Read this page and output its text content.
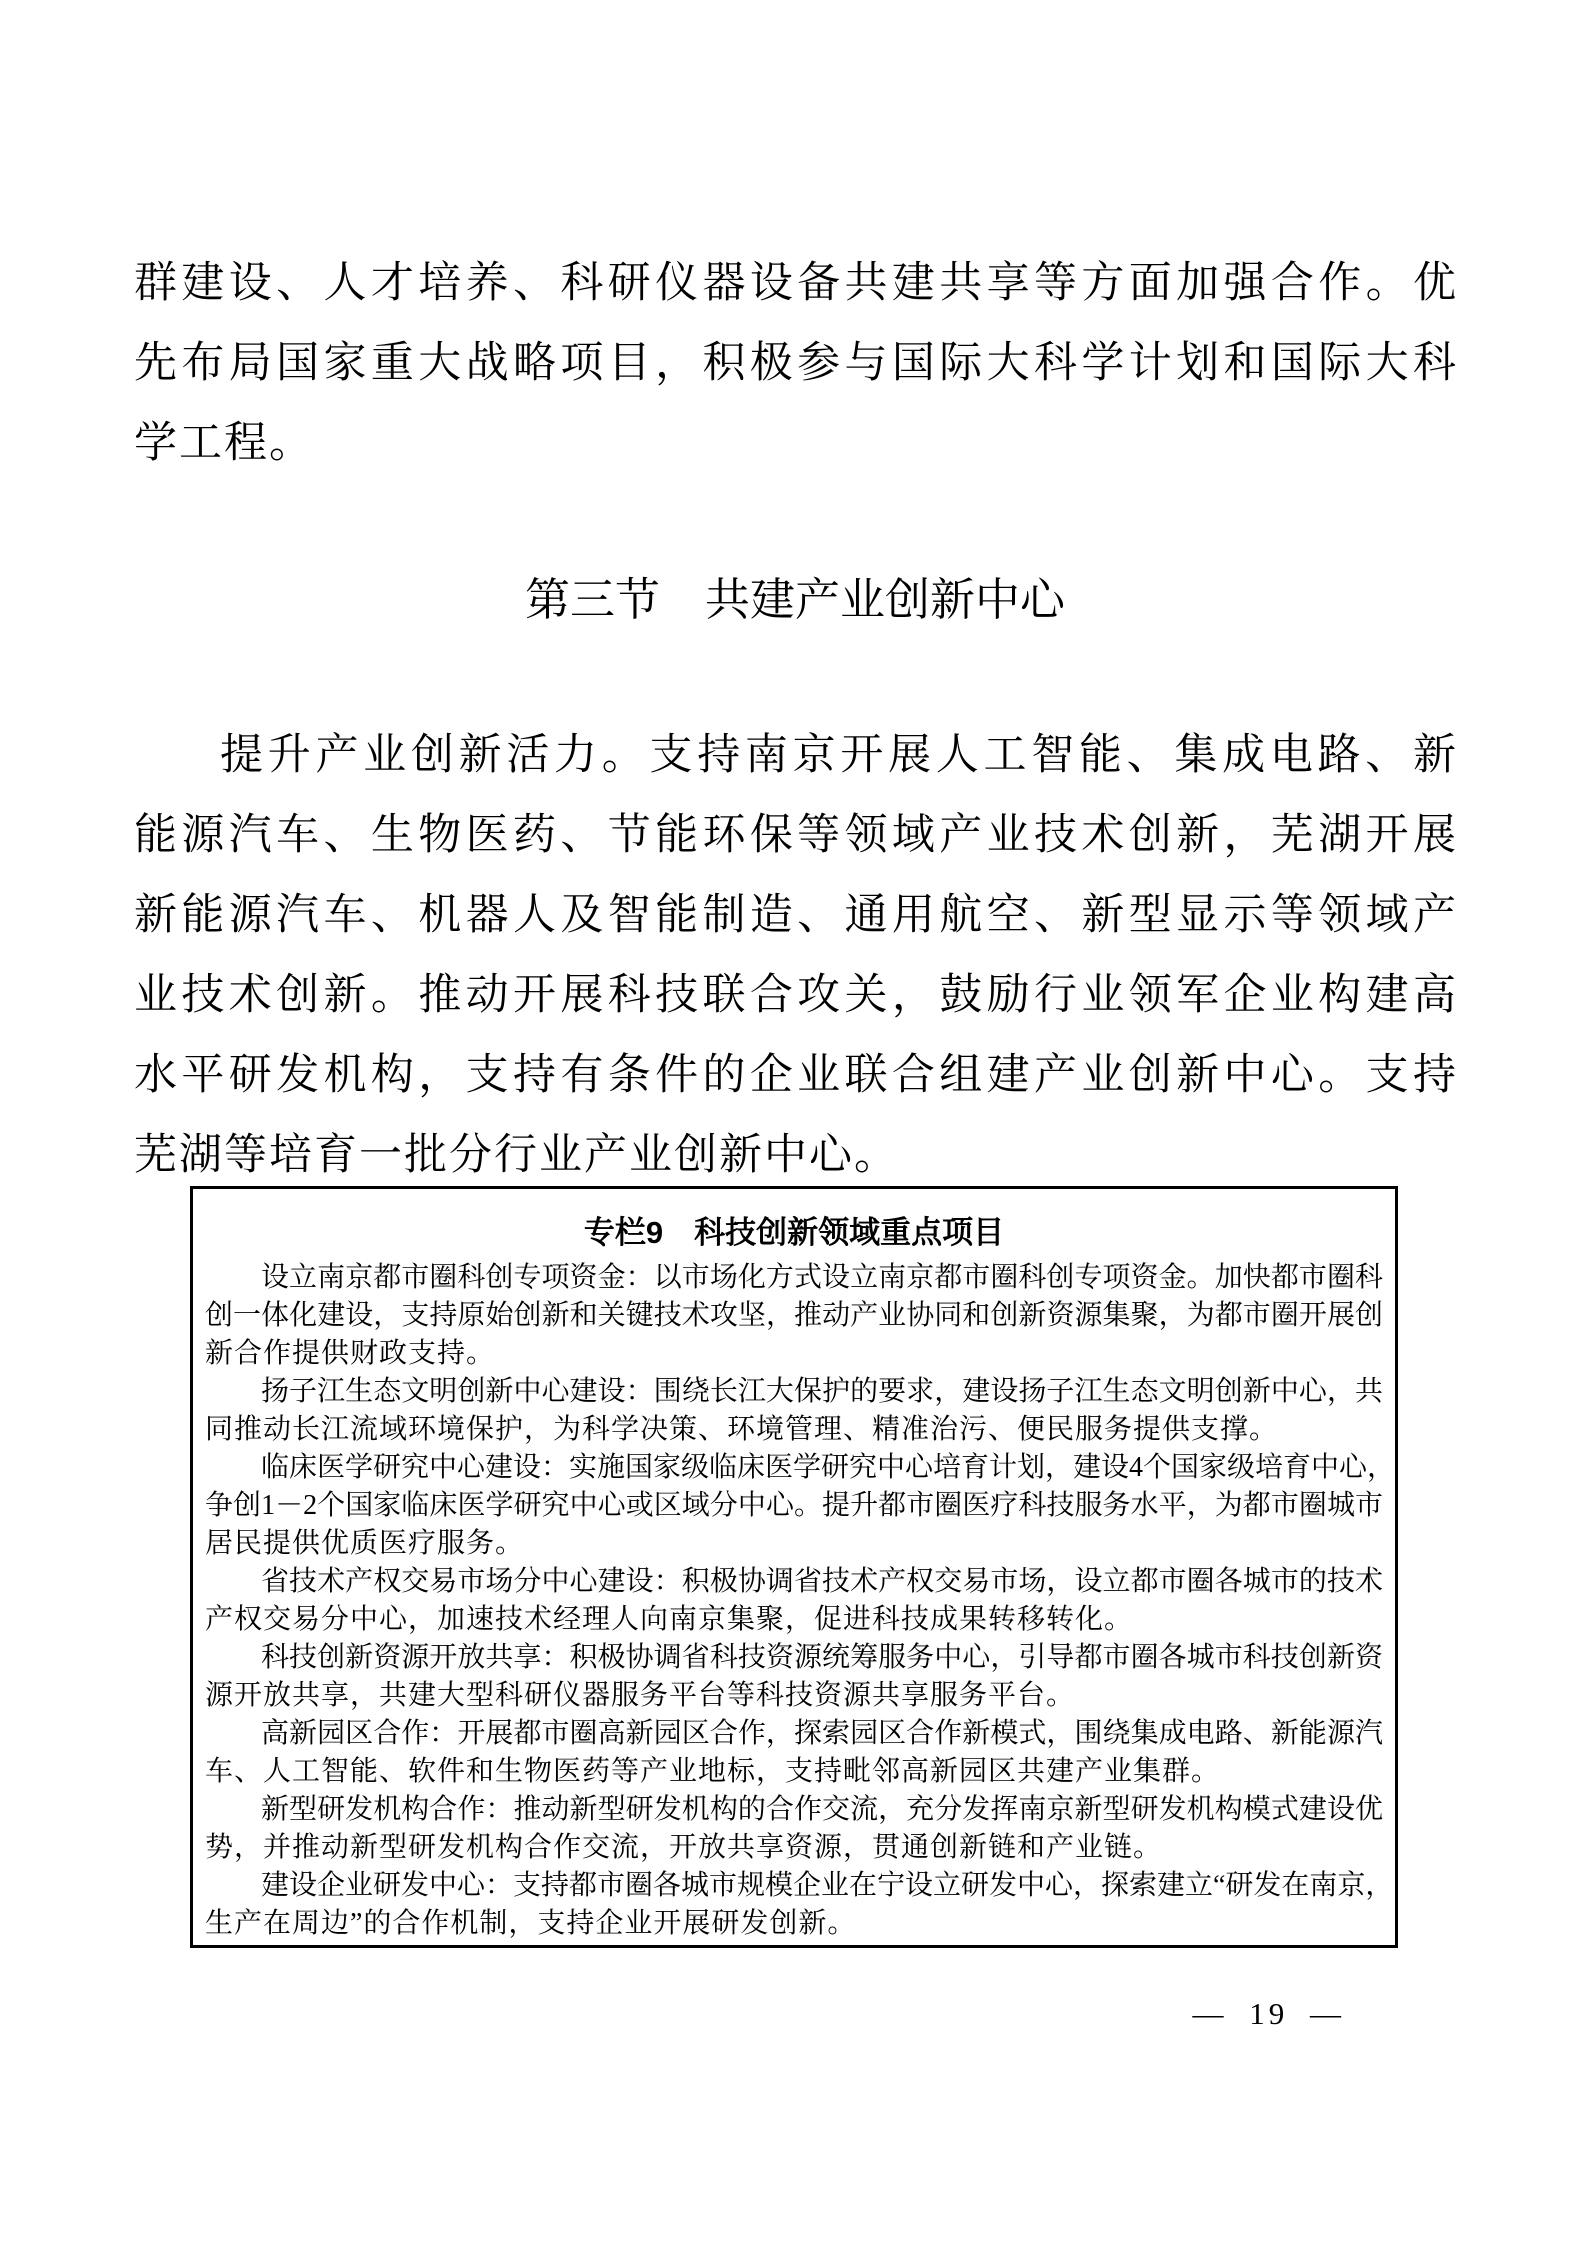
群建设、人才培养、科研仪器设备共建共享等方面加强合作。优
先布局国家重大战略项目，积极参与国际大科学计划和国际大科
学工程。
第三节　共建产业创新中心
提升产业创新活力。支持南京开展人工智能、集成电路、新
能源汽车、生物医药、节能环保等领域产业技术创新，芜湖开展
新能源汽车、机器人及智能制造、通用航空、新型显示等领域产
业技术创新。推动开展科技联合攻关，鼓励行业领军企业构建高
水平研发机构，支持有条件的企业联合组建产业创新中心。支持
芜湖等培育一批分行业产业创新中心。
专栏9　科技创新领域重点项目
设立南京都市圈科创专项资金：以市场化方式设立南京都市圈科创专项资金。加快都市圈科
创一体化建设，支持原始创新和关键技术攻坚，推动产业协同和创新资源集聚，为都市圈开展创
新合作提供财政支持。
扬子江生态文明创新中心建设：围绕长江大保护的要求，建设扬子江生态文明创新中心，共
同推动长江流域环境保护，为科学决策、环境管理、精准治污、便民服务提供支撑。
临床医学研究中心建设：实施国家级临床医学研究中心培育计划，建设4个国家级培育中心，
争创1－2个国家临床医学研究中心或区域分中心。提升都市圈医疗科技服务水平，为都市圈城市
居民提供优质医疗服务。
省技术产权交易市场分中心建设：积极协调省技术产权交易市场，设立都市圈各城市的技术
产权交易分中心，加速技术经理人向南京集聚，促进科技成果转移转化。
科技创新资源开放共享：积极协调省科技资源统筹服务中心，引导都市圈各城市科技创新资
源开放共享，共建大型科研仪器服务平台等科技资源共享服务平台。
高新园区合作：开展都市圈高新园区合作，探索园区合作新模式，围绕集成电路、新能源汽
车、人工智能、软件和生物医药等产业地标，支持毗邻高新园区共建产业集群。
新型研发机构合作：推动新型研发机构的合作交流，充分发挥南京新型研发机构模式建设优
势，并推动新型研发机构合作交流，开放共享资源，贯通创新链和产业链。
建设企业研发中心：支持都市圈各城市规模企业在宁设立研发中心，探索建立“研发在南京，
生产在周边”的合作机制，支持企业开展研发创新。
— 19 —
